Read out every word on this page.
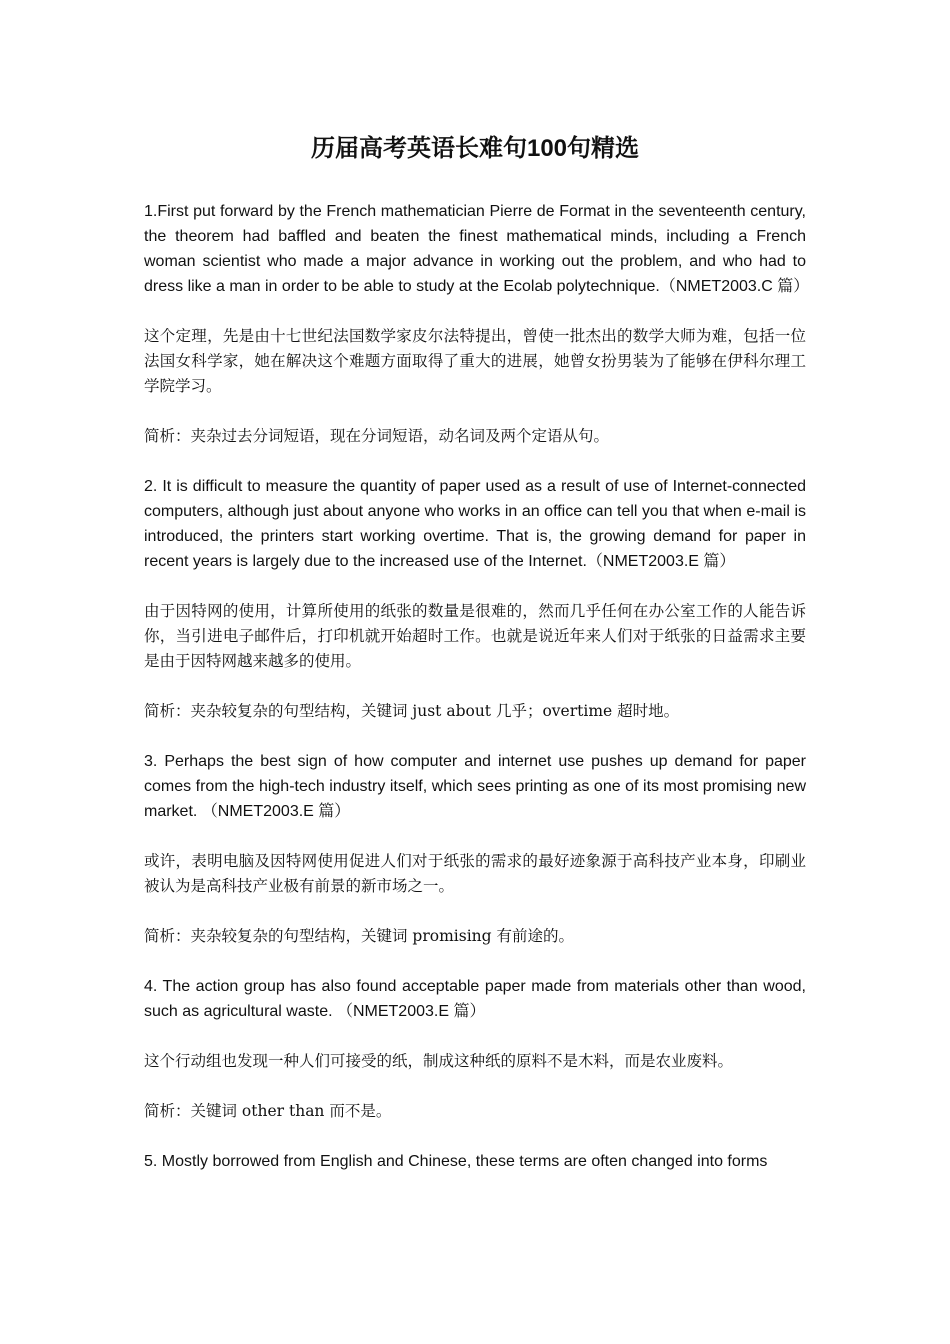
历届高考英语长难句100句精选

1.First put forward by the French mathematician Pierre de Format in the seventeenth century, the theorem had baffled and beaten the finest mathematical minds, including a French woman scientist who made a major advance in working out the problem, and who had to dress like a man in order to be able to study at the Ecolab polytechnique.（NMET2003.C 篇）

这个定理，先是由十七世纪法国数学家皮尔法特提出，曾使一批杰出的数学大师为难，包括一位法国女科学家，她在解决这个难题方面取得了重大的进展，她曾女扮男装为了能够在伊科尔理工学院学习。

简析：夹杂过去分词短语，现在分词短语，动名词及两个定语从句。

2. It is difficult to measure the quantity of paper used as a result of use of Internet-connected computers, although just about anyone who works in an office can tell you that when e-mail is introduced, the printers start working overtime. That is, the growing demand for paper in recent years is largely due to the increased use of the Internet.（NMET2003.E 篇）

由于因特网的使用，计算所使用的纸张的数量是很难的，然而几乎任何在办公室工作的人能告诉你，当引进电子邮件后，打印机就开始超时工作。也就是说近年来人们对于纸张的日益需求主要是由于因特网越来越多的使用。

简析：夹杂较复杂的句型结构，关键词 just about 几乎；overtime 超时地。

3. Perhaps the best sign of how computer and internet use pushes up demand for paper comes from the high-tech industry itself, which sees printing as one of its most promising new market. （NMET2003.E 篇）

或许，表明电脑及因特网使用促进人们对于纸张的需求的最好迹象源于高科技产业本身，印刷业被认为是高科技产业极有前景的新市场之一。

简析：夹杂较复杂的句型结构，关键词 promising 有前途的。

4. The action group has also found acceptable paper made from materials other than wood, such as agricultural waste. （NMET2003.E 篇）

这个行动组也发现一种人们可接受的纸，制成这种纸的原料不是木料，而是农业废料。

简析：关键词 other than 而不是。

5. Mostly borrowed from English and Chinese, these terms are often changed into forms
